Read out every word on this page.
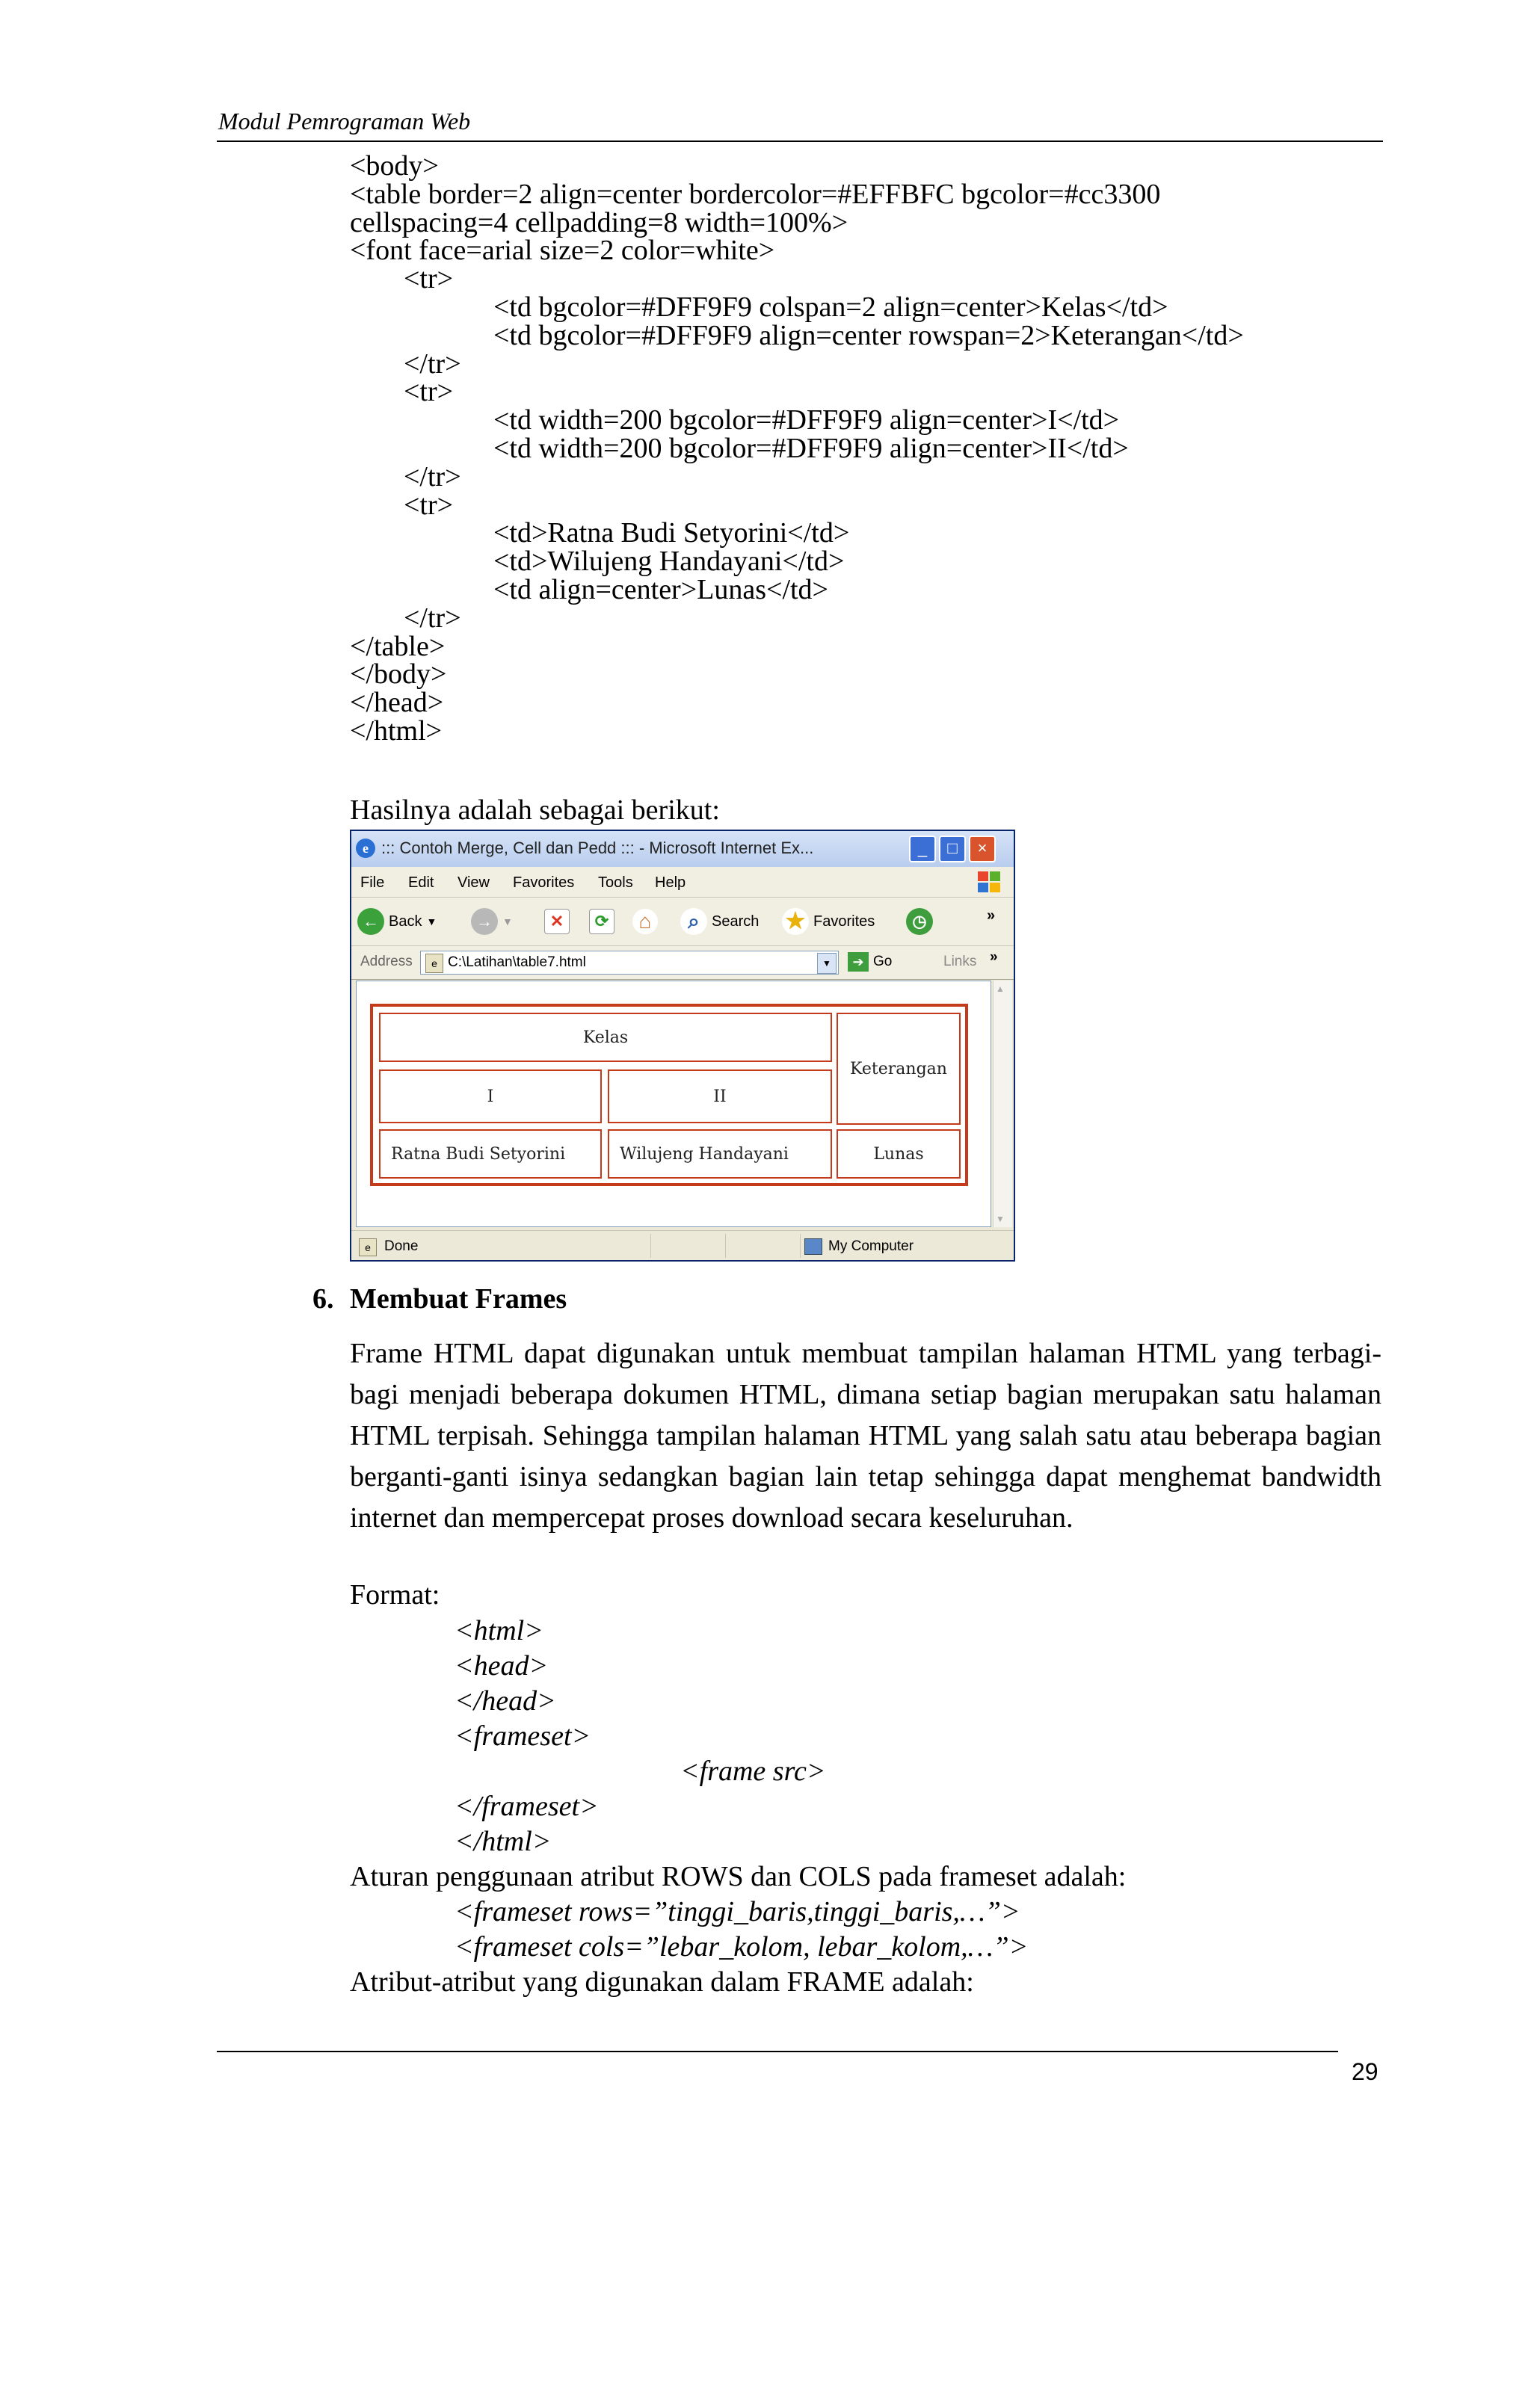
Modul Pemrograman Web
<body>
<table border=2 align=center bordercolor=#EFFBFC bgcolor=#cc3300
cellspacing=4 cellpadding=8 width=100%>
<font face=arial size=2 color=white>
<tr>
<td bgcolor=#DFF9F9 colspan=2 align=center>Kelas</td>
<td bgcolor=#DFF9F9 align=center rowspan=2>Keterangan</td>
</tr>
<tr>
<td width=200 bgcolor=#DFF9F9 align=center>I</td>
<td width=200 bgcolor=#DFF9F9 align=center>II</td>
</tr>
<tr>
<td>Ratna Budi Setyorini</td>
<td>Wilujeng Handayani</td>
<td align=center>Lunas</td>
</tr>
</table>
</body>
</head>
</html>
Hasilnya adalah sebagai berikut:
e ::: Contoh Merge, Cell dan Pedd ::: - Microsoft Internet Ex...	_	□	×
File Edit View Favorites Tools Help
← Back ▼	→ ▼	✕	⟳	⌂	⌕ Search ★ Favorites	◷	»
Address	e C:\Latihan\table7.html	▼	➔ Go	Links »
Kelas
Keterangan
I	II
Ratna Budi Setyorini	Wilujeng Handayani	Lunas
▲
▼
e Done	My Computer
6. Membuat Frames
Frame HTML dapat digunakan untuk membuat tampilan halaman HTML yang terbagi-bagi menjadi beberapa dokumen HTML, dimana setiap bagian merupakan satu halaman HTML terpisah. Sehingga tampilan halaman HTML yang salah satu atau beberapa bagian berganti-ganti isinya sedangkan bagian lain tetap sehingga dapat menghemat bandwidth internet dan mempercepat proses download secara keseluruhan.
Format:
<html>
<head>
</head>
<frameset>
<frame src>
</frameset>
</html>
Aturan penggunaan atribut ROWS dan COLS pada frameset adalah:
<frameset rows=”tinggi_baris,tinggi_baris,…”>
<frameset cols=”lebar_kolom, lebar_kolom,…”>
Atribut-atribut yang digunakan dalam FRAME adalah:
29
